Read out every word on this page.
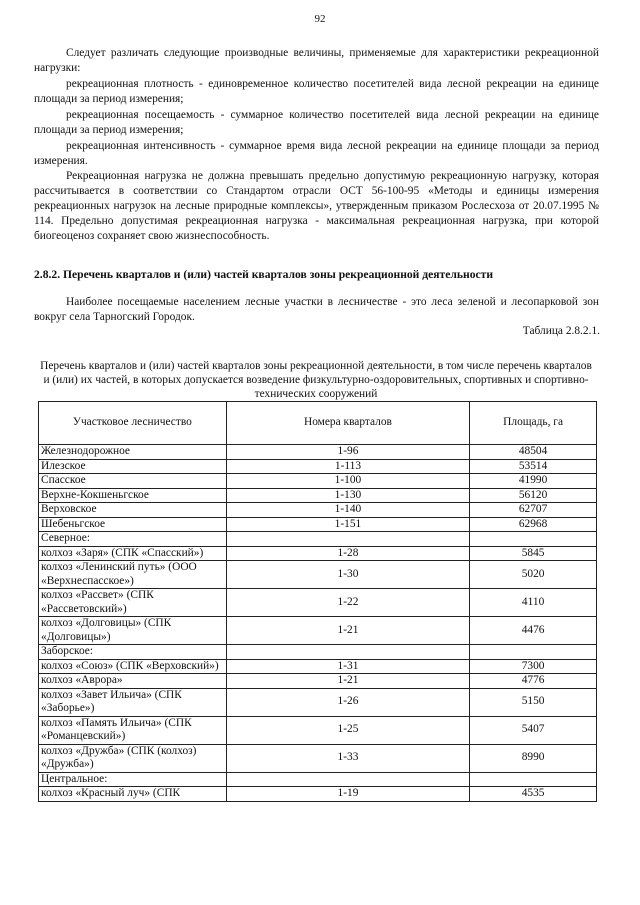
92

Следует различать следующие производные величины, применяемые для характеристики рекреационной нагрузки:

рекреационная плотность - единовременное количество посетителей вида лесной рекреации на единице площади за период измерения;

рекреационная посещаемость - суммарное количество посетителей вида лесной рекреации на единице площади за период измерения;

рекреационная интенсивность - суммарное время вида лесной рекреации на единице площади за период измерения.

Рекреационная нагрузка не должна превышать предельно допустимую рекреационную нагрузку, которая рассчитывается в соответствии со Стандартом отрасли ОСТ 56-100-95 «Методы и единицы измерения рекреационных нагрузок на лесные природные комплексы», утвержденным приказом Рослесхоза от 20.07.1995 № 114. Предельно допустимая рекреационная нагрузка - максимальная рекреационная нагрузка, при которой биогеоценоз сохраняет свою жизнеспособность.

2.8.2. Перечень кварталов и (или) частей кварталов зоны рекреационной деятельности

Наиболее посещаемые населением лесные участки в лесничестве - это леса зеленой и лесопарковой зон вокруг села Тарногский Городок.

Таблица 2.8.2.1.

Перечень кварталов и (или) частей кварталов зоны рекреационной деятельности, в том числе перечень кварталов и (или) их частей, в которых допускается возведение физкультурно-оздоровительных, спортивных и спортивно-технических сооружений

Участковое лесничество	Номера кварталов	Площадь, га
Железнодорожное	1-96	48504
Илезское	1-113	53514
Спасское	1-100	41990
Верхне-Кокшеньгское	1-130	56120
Верховское	1-140	62707
Шебеньгское	1-151	62968
Северное:		
колхоз «Заря» (СПК «Спасский»)	1-28	5845
колхоз «Ленинский путь» (ООО «Верхнеспасское»)	1-30	5020
колхоз «Рассвет» (СПК «Рассветовский»)	1-22	4110
колхоз «Долговицы» (СПК «Долговицы»)	1-21	4476
Заборское:		
колхоз «Союз» (СПК «Верховский»)	1-31	7300
колхоз «Аврора»	1-21	4776
колхоз «Завет Ильича» (СПК «Заборье»)	1-26	5150
колхоз «Память Ильича» (СПК «Романцевский»)	1-25	5407
колхоз «Дружба» (СПК (колхоз) «Дружба»)	1-33	8990
Центральное:		
колхоз «Красный луч» (СПК	1-19	4535
